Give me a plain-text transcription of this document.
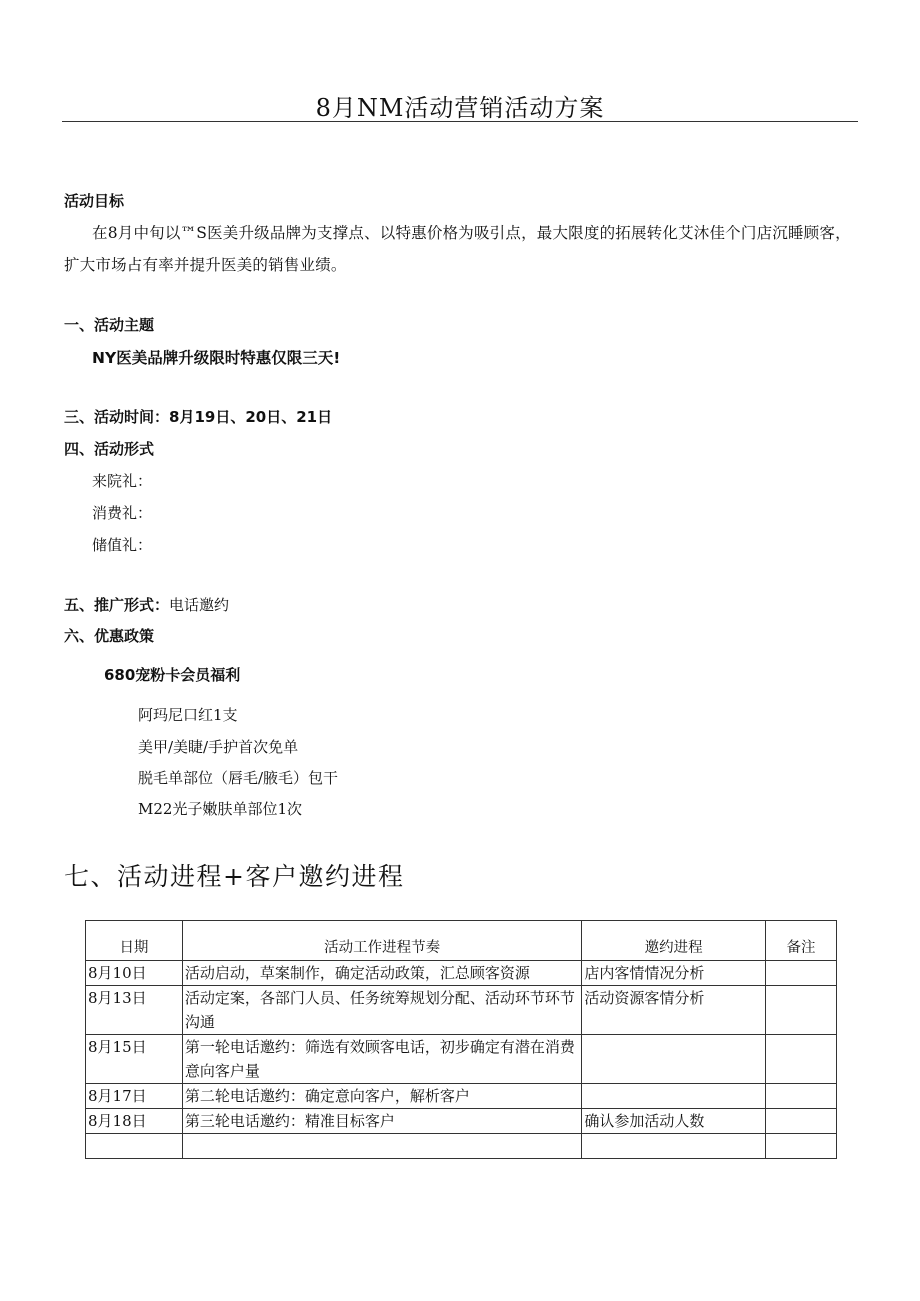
8月NM活动营销活动方案
活动目标
在8月中旬以™S医美升级品牌为支撑点、以特惠价格为吸引点，最大限度的拓展转化艾沐佳个门店沉睡顾客，扩大市场占有率并提升医美的销售业绩。
一、活动主题
NY医美品牌升级限时特惠仅限三天!
三、活动时间：8月19日、20日、21日
四、活动形式
来院礼：
消费礼：
储值礼：
五、推广形式：电话邀约
六、优惠政策
680宠粉卡会员福利
阿玛尼口红1支
美甲/美睫/手护首次免单
脱毛单部位（唇毛/腋毛）包干
M22光子嫩肤单部位1次
七、活动进程+客户邀约进程
日期	活动工作进程节奏	邀约进程	备注
8月10日	活动启动，草案制作，确定活动政策，汇总顾客资源	店内客情情况分析	
8月13日	活动定案，各部门人员、任务统筹规划分配、活动环节环节沟通	活动资源客情分析	
8月15日	第一轮电话邀约：筛选有效顾客电话，初步确定有潜在消费意向客户量		
8月17日	第二轮电话邀约：确定意向客户，解析客户		
8月18日	第三轮电话邀约：精准目标客户	确认参加活动人数	
